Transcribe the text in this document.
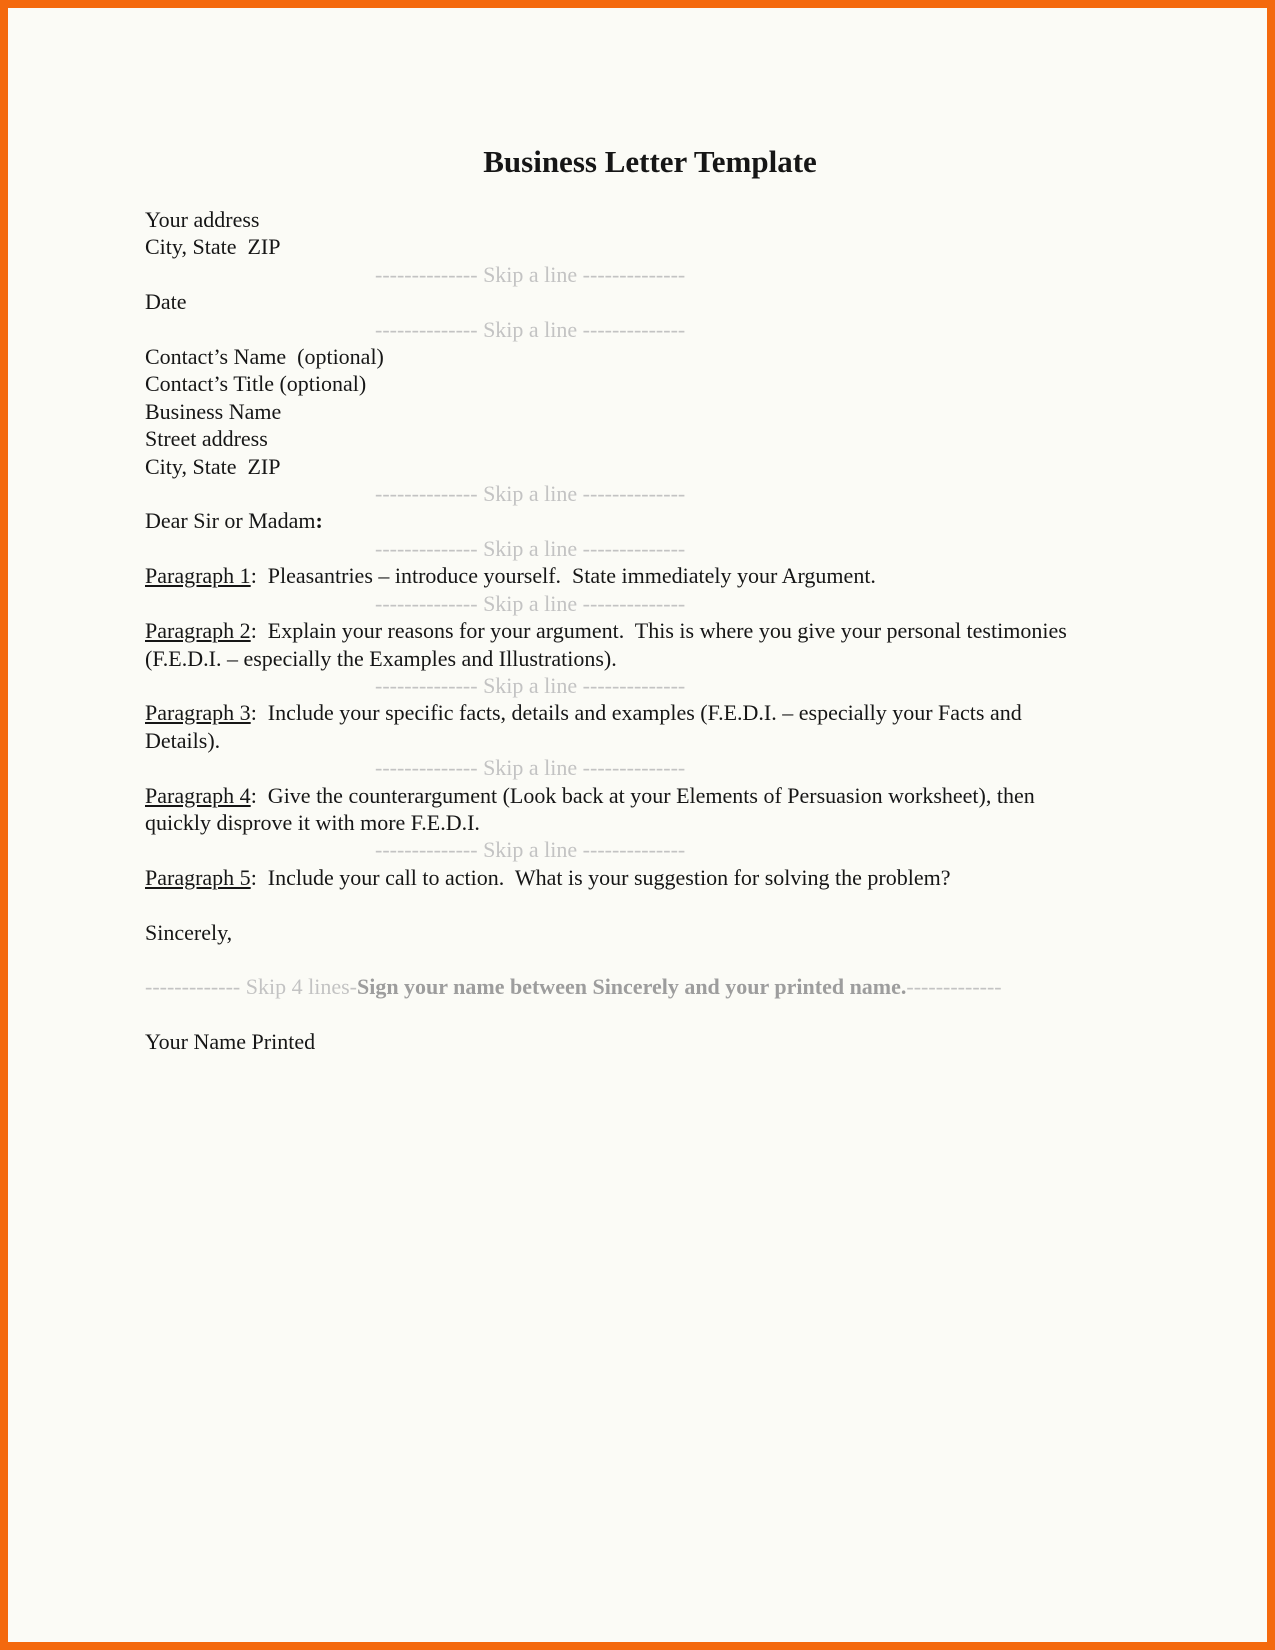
Business Letter Template
Your address
City, State  ZIP
-------------- Skip a line --------------
Date
-------------- Skip a line --------------
Contact’s Name  (optional)
Contact’s Title (optional)
Business Name
Street address
City, State  ZIP
-------------- Skip a line --------------
Dear Sir or Madam:
-------------- Skip a line --------------
Paragraph 1:  Pleasantries – introduce yourself.  State immediately your Argument.
-------------- Skip a line --------------
Paragraph 2:  Explain your reasons for your argument.  This is where you give your personal testimonies (F.E.D.I. – especially the Examples and Illustrations).
-------------- Skip a line --------------
Paragraph 3:  Include your specific facts, details and examples (F.E.D.I. – especially your Facts and Details).
-------------- Skip a line --------------
Paragraph 4:  Give the counterargument (Look back at your Elements of Persuasion worksheet), then quickly disprove it with more F.E.D.I.
-------------- Skip a line --------------
Paragraph 5:  Include your call to action.  What is your suggestion for solving the problem?
Sincerely,
------------- Skip 4 lines-Sign your name between Sincerely and your printed name.-------------
Your Name Printed
